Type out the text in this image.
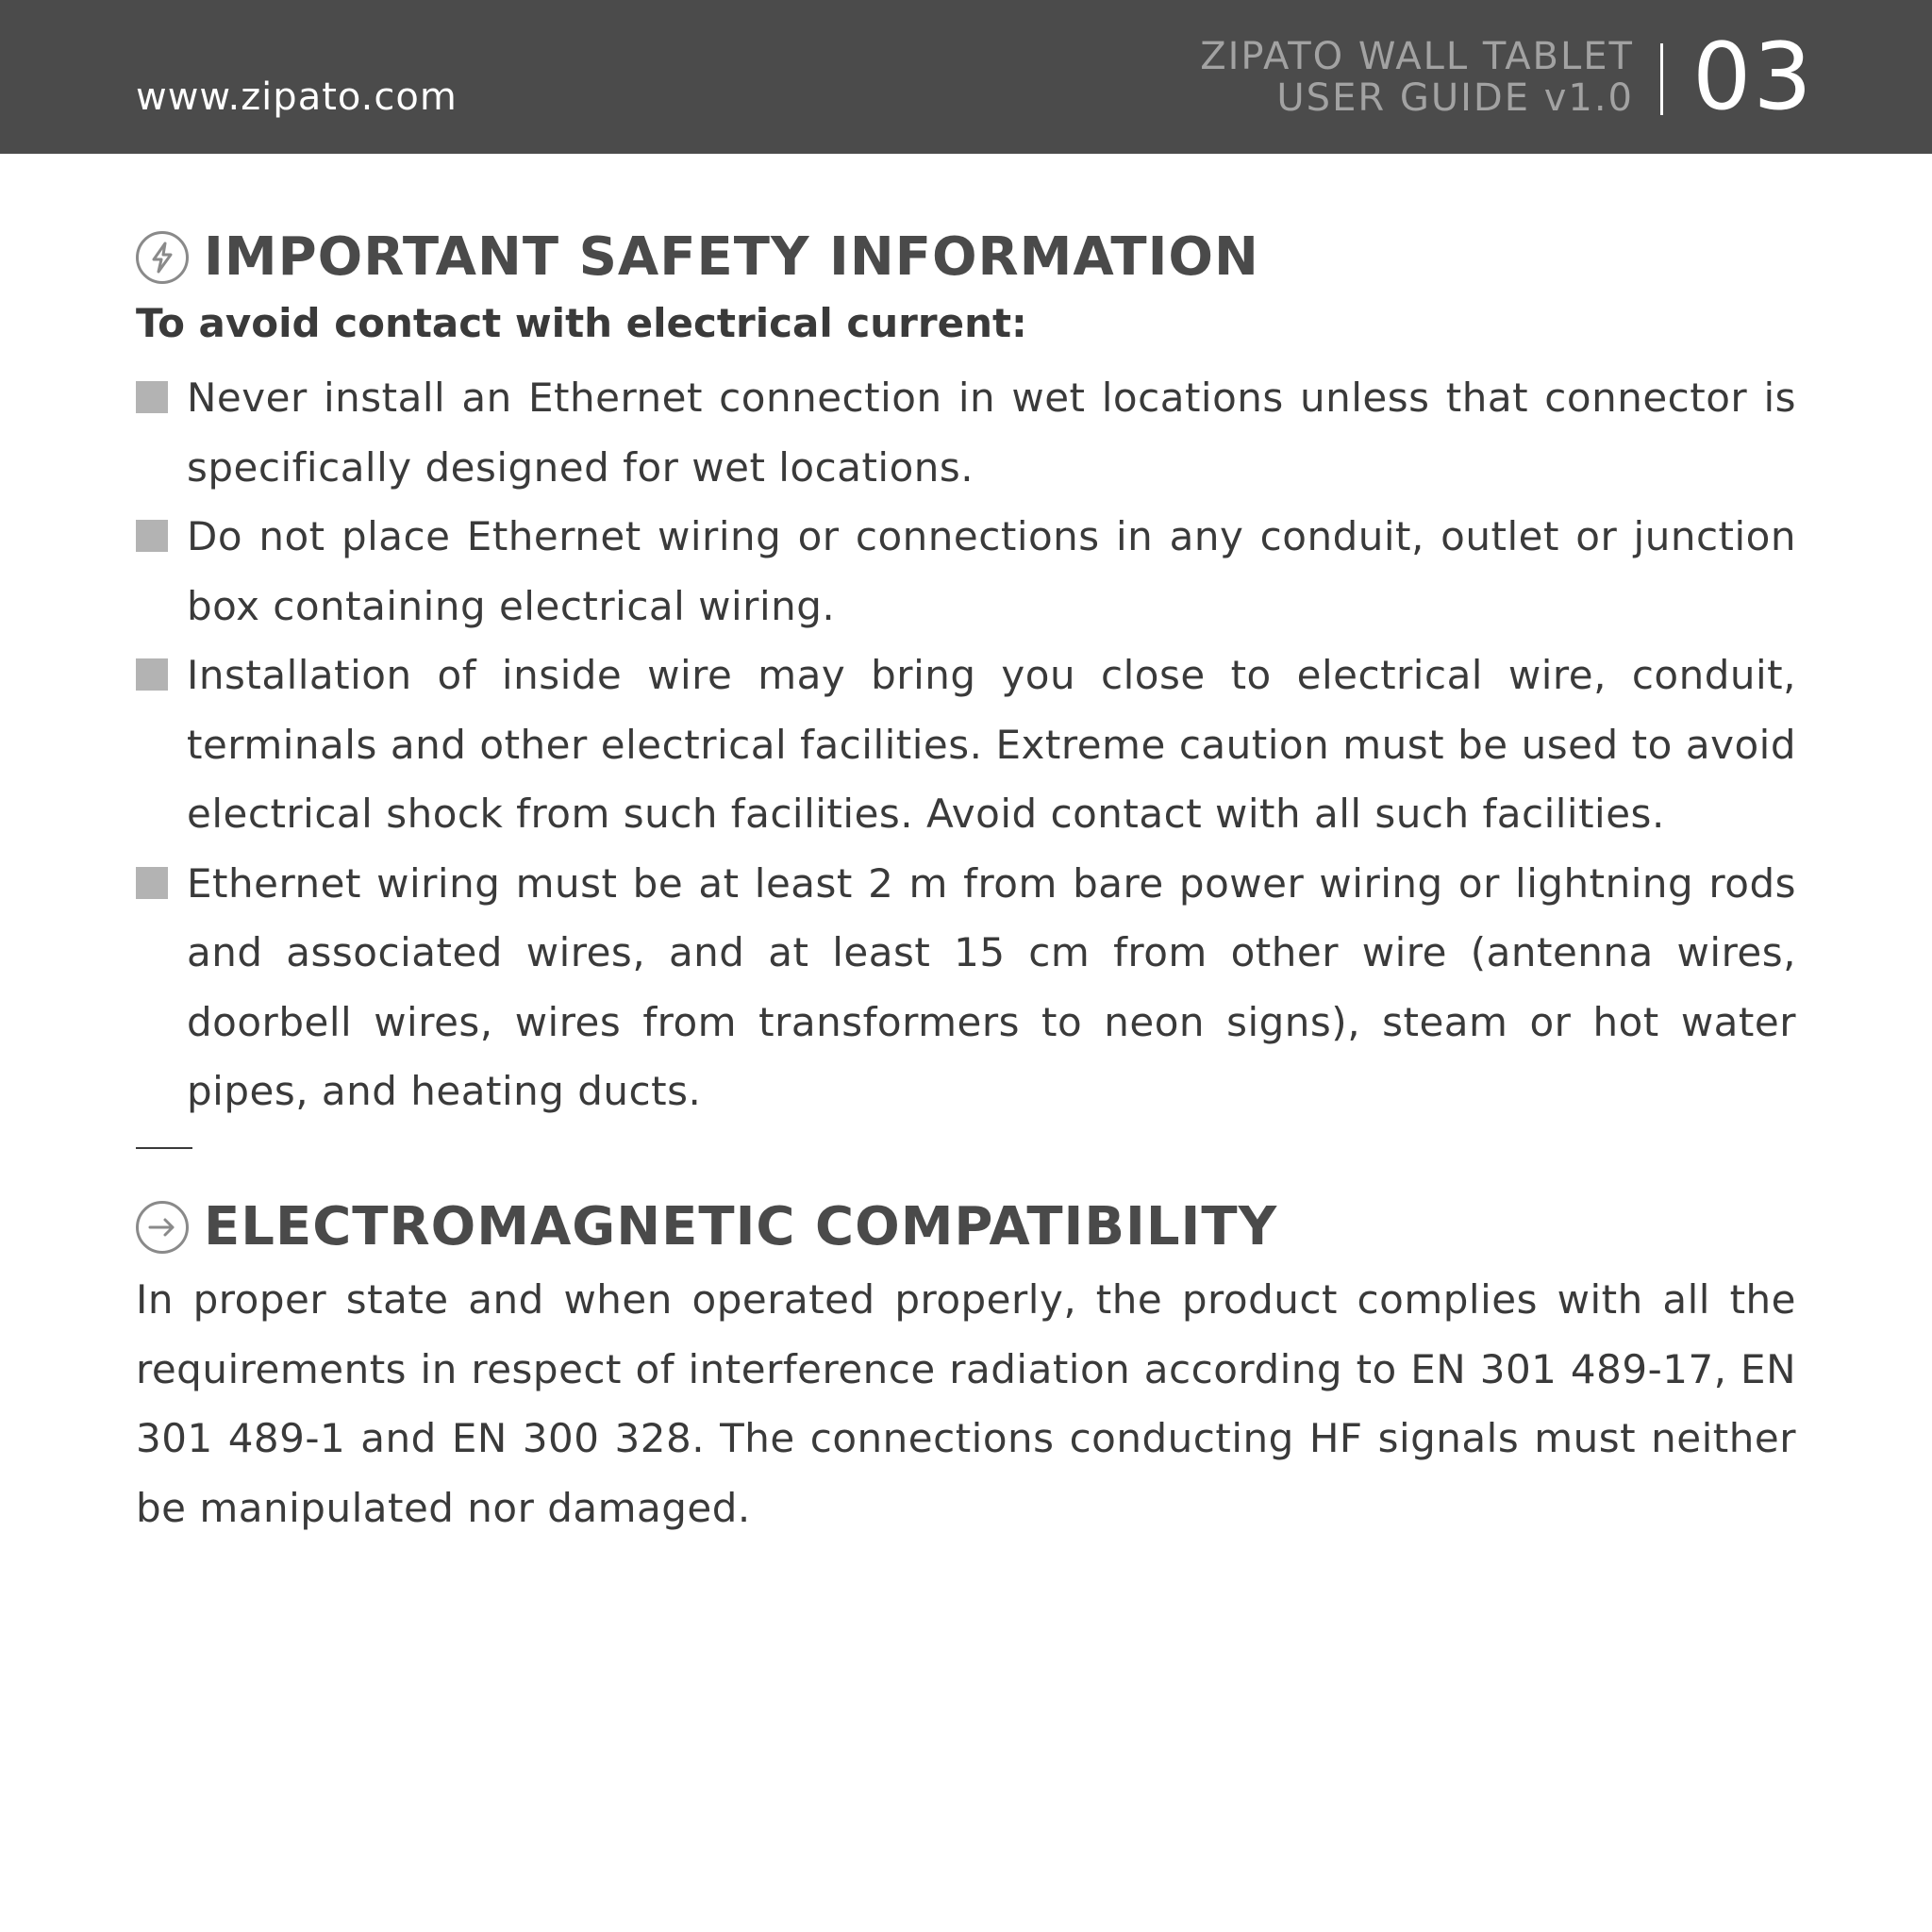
www.zipato.com
ZIPATO WALL TABLET
USER GUIDE v1.0 03
IMPORTANT SAFETY INFORMATION
To avoid contact with electrical current:
Never install an Ethernet connection in wet locations unless that connector is specifically designed for wet locations.
Do not place Ethernet wiring or connections in any conduit, outlet or junction box containing electrical wiring.
Installation of inside wire may bring you close to electrical wire, conduit, terminals and other electrical facilities. Extreme caution must be used to avoid electrical shock from such facilities. Avoid contact with all such facilities.
Ethernet wiring must be at least 2 m from bare power wiring or lightning rods and associated wires, and at least 15 cm from other wire (antenna wires, doorbell wires, wires from transformers to neon signs), steam or hot water pipes, and heating ducts.
ELECTROMAGNETIC COMPATIBILITY
In proper state and when operated properly, the product complies with all the requirements in respect of interference radiation according to EN 301 489-17, EN 301 489-1 and EN 300 328. The connections conducting HF signals must neither be manipulated nor damaged.
